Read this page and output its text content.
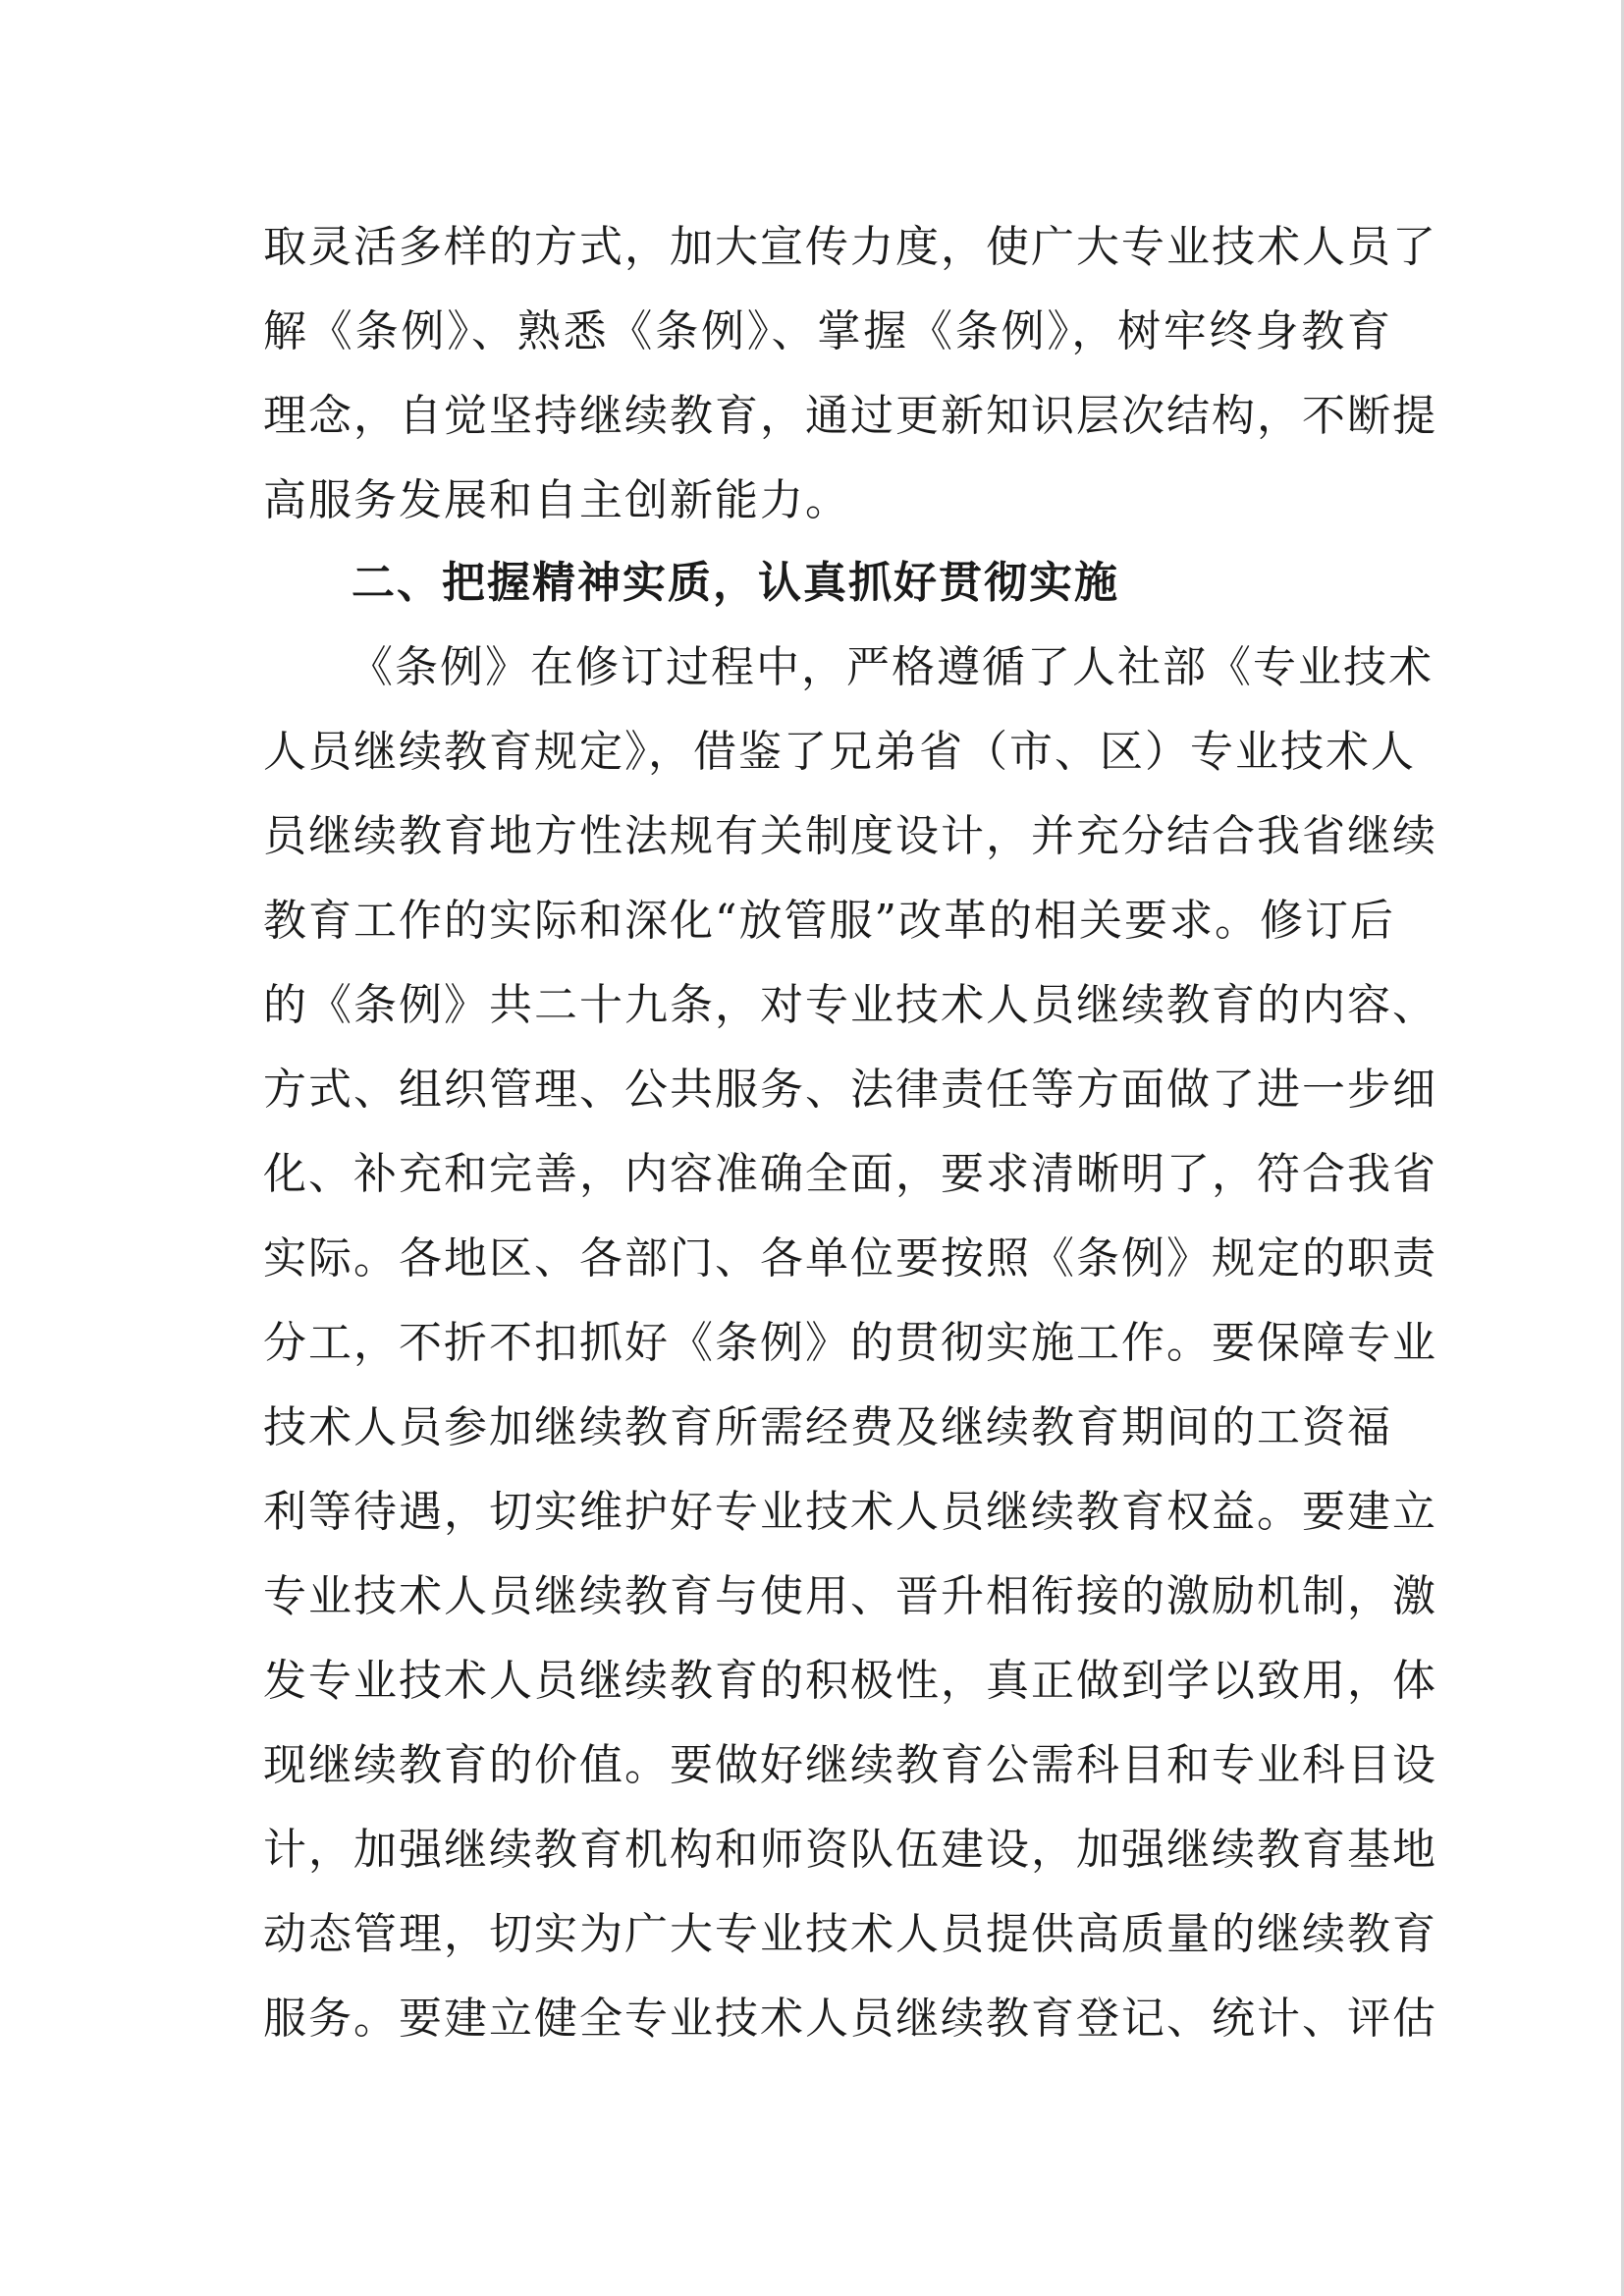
取灵活多样的方式，加大宣传力度，使广大专业技术人员了
解《条例》、熟悉《条例》、掌握《条例》，树牢终身教育
理念，自觉坚持继续教育，通过更新知识层次结构，不断提
高服务发展和自主创新能力。
二、把握精神实质，认真抓好贯彻实施
《条例》在修订过程中，严格遵循了人社部《专业技术
人员继续教育规定》，借鉴了兄弟省（市、区）专业技术人
员继续教育地方性法规有关制度设计，并充分结合我省继续
教育工作的实际和深化“放管服”改革的相关要求。修订后
的《条例》共二十九条，对专业技术人员继续教育的内容、
方式、组织管理、公共服务、法律责任等方面做了进一步细
化、补充和完善，内容准确全面，要求清晰明了，符合我省
实际。各地区、各部门、各单位要按照《条例》规定的职责
分工，不折不扣抓好《条例》的贯彻实施工作。要保障专业
技术人员参加继续教育所需经费及继续教育期间的工资福
利等待遇，切实维护好专业技术人员继续教育权益。要建立
专业技术人员继续教育与使用、晋升相衔接的激励机制，激
发专业技术人员继续教育的积极性，真正做到学以致用，体
现继续教育的价值。要做好继续教育公需科目和专业科目设
计，加强继续教育机构和师资队伍建设，加强继续教育基地
动态管理，切实为广大专业技术人员提供高质量的继续教育
服务。要建立健全专业技术人员继续教育登记、统计、评估
